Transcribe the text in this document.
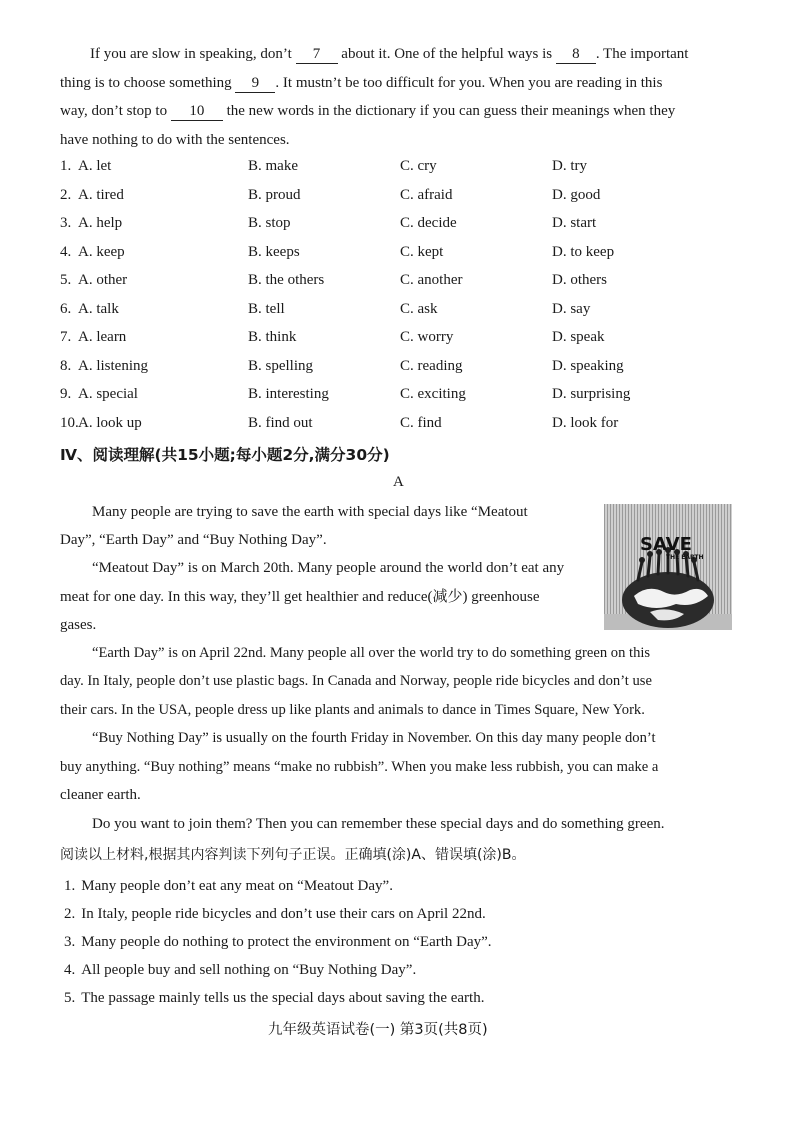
If you are slow in speaking, don’t 7 about it. One of the helpful ways is 8 . The important
thing is to choose something 9 . It mustn’t be too difficult for you. When you are reading in this
way, don’t stop to 10 the new words in the dictionary if you can guess their meanings when they
have nothing to do with the sentences.
1. A. let	B. make	C. cry	D. try
2. A. tired	B. proud	C. afraid	D. good
3. A. help	B. stop	C. decide	D. start
4. A. keep	B. keeps	C. kept	D. to keep
5. A. other	B. the others	C. another	D. others
6. A. talk	B. tell	C. ask	D. say
7. A. learn	B. think	C. worry	D. speak
8. A. listening	B. spelling	C. reading	D. speaking
9. A. special	B. interesting	C. exciting	D. surprising
10. A. look up	B. find out	C. find	D. look for
Ⅳ、阅读理解(共15小题;每小题2分,满分30分)
A
Many people are trying to save the earth with special days like “Meatout
Day”, “Earth Day” and “Buy Nothing Day”.
“Meatout Day” is on March 20th. Many people around the world don’t eat any
meat for one day. In this way, they’ll get healthier and reduce(减少) greenhouse
gases.
“Earth Day” is on April 22nd. Many people all over the world try to do something green on this
day. In Italy, people don’t use plastic bags. In Canada and Norway, people ride bicycles and don’t use
their cars. In the USA, people dress up like plants and animals to dance in Times Square, New York.
“Buy Nothing Day” is usually on the fourth Friday in November. On this day many people don’t
buy anything. “Buy nothing” means “make no rubbish”. When you make less rubbish, you can make a
cleaner earth.
Do you want to join them? Then you can remember these special days and do something green.
SAVE
THE EARTH
阅读以上材料,根据其内容判读下列句子正误。正确填(涂)A、错误填(涂)B。
1. Many people don’t eat any meat on “Meatout Day”.
2. In Italy, people ride bicycles and don’t use their cars on April 22nd.
3. Many people do nothing to protect the environment on “Earth Day”.
4. All people buy and sell nothing on “Buy Nothing Day”.
5. The passage mainly tells us the special days about saving the earth.
九年级英语试卷(一) 第3页(共8页)
